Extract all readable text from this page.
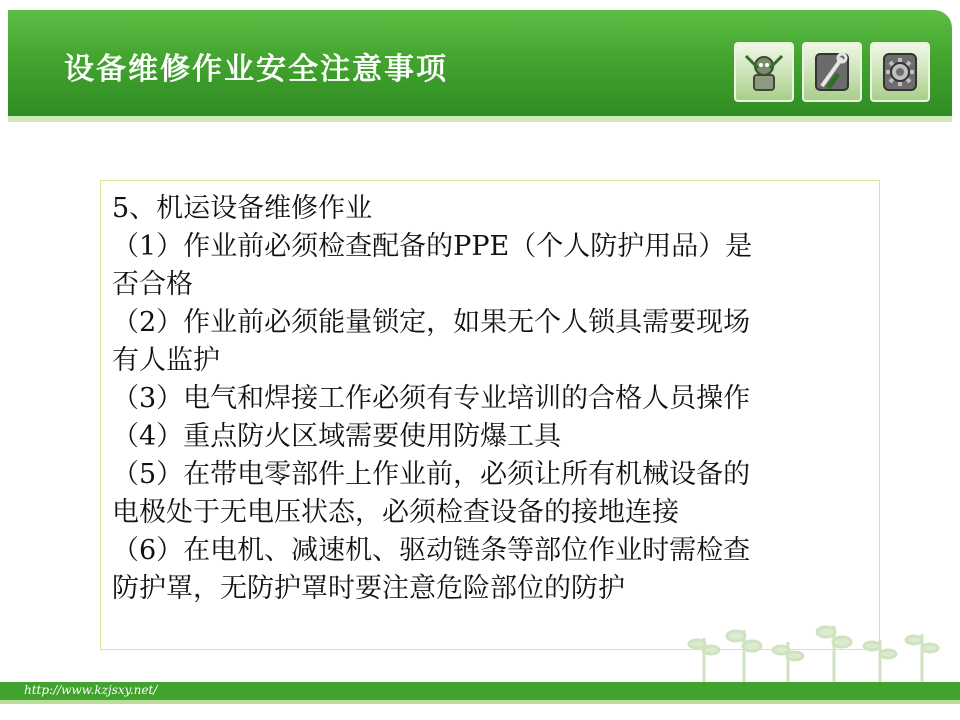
设备维修作业安全注意事项

5、机运设备维修作业

（1）作业前必须检查配备的PPE（个人防护用品）是

否合格

（2）作业前必须能量锁定，如果无个人锁具需要现场

有人监护

（3）电气和焊接工作必须有专业培训的合格人员操作

（4）重点防火区域需要使用防爆工具

（5）在带电零部件上作业前，必须让所有机械设备的

电极处于无电压状态，必须检查设备的接地连接

（6）在电机、减速机、驱动链条等部位作业时需检查

防护罩，无防护罩时要注意危险部位的防护

http://www.kzjsxy.net/
